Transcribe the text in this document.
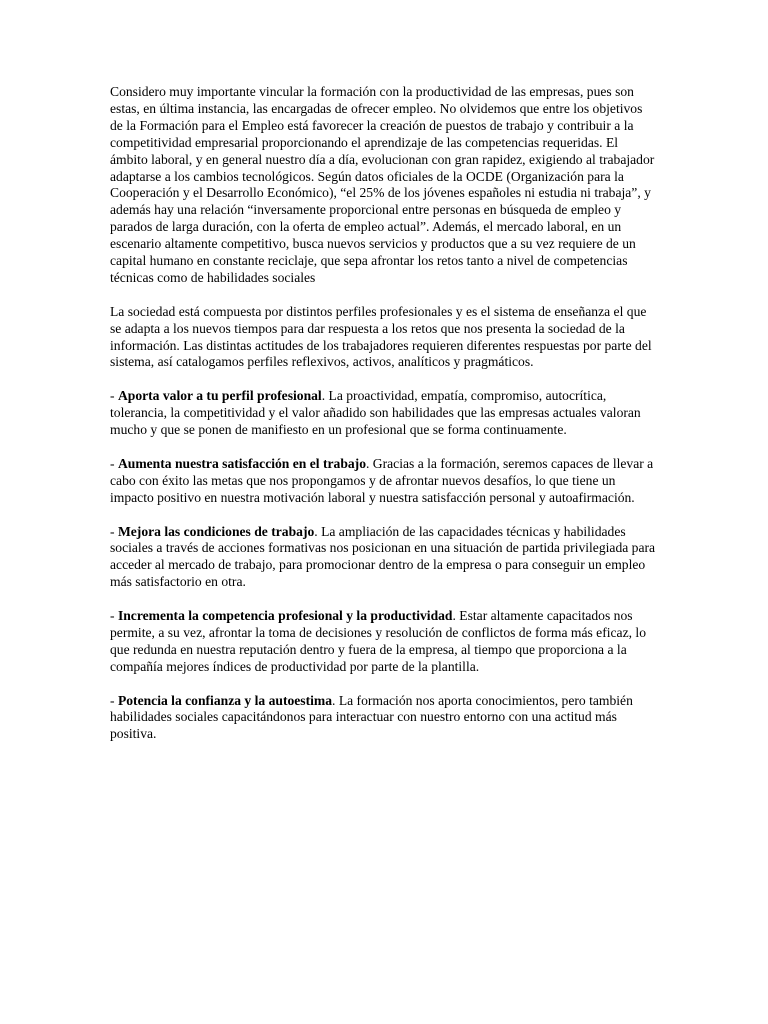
Considero muy importante vincular la formación con la productividad de las empresas, pues son estas, en última instancia, las encargadas de ofrecer empleo. No olvidemos que entre los objetivos de la Formación para el Empleo está favorecer la creación de puestos de trabajo y contribuir a la competitividad empresarial proporcionando el aprendizaje de las competencias requeridas. El ámbito laboral, y en general nuestro día a día, evolucionan con gran rapidez, exigiendo al trabajador adaptarse a los cambios tecnológicos. Según datos oficiales de la OCDE (Organización para la Cooperación y el Desarrollo Económico), “el 25% de los jóvenes españoles ni estudia ni trabaja”, y además hay una relación “inversamente proporcional entre personas en búsqueda de empleo y parados de larga duración, con la oferta de empleo actual”. Además, el mercado laboral, en un escenario altamente competitivo, busca nuevos servicios y productos que a su vez requiere de un capital humano en constante reciclaje, que sepa afrontar los retos tanto a nivel de competencias técnicas como de habilidades sociales

La sociedad está compuesta por distintos perfiles profesionales y es el sistema de enseñanza el que se adapta a los nuevos tiempos para dar respuesta a los retos que nos presenta la sociedad de la información. Las distintas actitudes de los trabajadores requieren diferentes respuestas por parte del sistema, así catalogamos perfiles reflexivos, activos, analíticos y pragmáticos.

- Aporta valor a tu perfil profesional. La proactividad, empatía, compromiso, autocrítica, tolerancia, la competitividad y el valor añadido son habilidades que las empresas actuales valoran mucho y que se ponen de manifiesto en un profesional que se forma continuamente.

- Aumenta nuestra satisfacción en el trabajo. Gracias a la formación, seremos capaces de llevar a cabo con éxito las metas que nos propongamos y de afrontar nuevos desafíos, lo que tiene un impacto positivo en nuestra motivación laboral y nuestra satisfacción personal y autoafirmación.

- Mejora las condiciones de trabajo. La ampliación de las capacidades técnicas y habilidades sociales a través de acciones formativas nos posicionan en una situación de partida privilegiada para acceder al mercado de trabajo, para promocionar dentro de la empresa o para conseguir un empleo más satisfactorio en otra.

- Incrementa la competencia profesional y la productividad. Estar altamente capacitados nos permite, a su vez, afrontar la toma de decisiones y resolución de conflictos de forma más eficaz, lo que redunda en nuestra reputación dentro y fuera de la empresa, al tiempo que proporciona a la compañía mejores índices de productividad por parte de la plantilla.

- Potencia la confianza y la autoestima. La formación nos aporta conocimientos, pero también habilidades sociales capacitándonos para interactuar con nuestro entorno con una actitud más positiva.
